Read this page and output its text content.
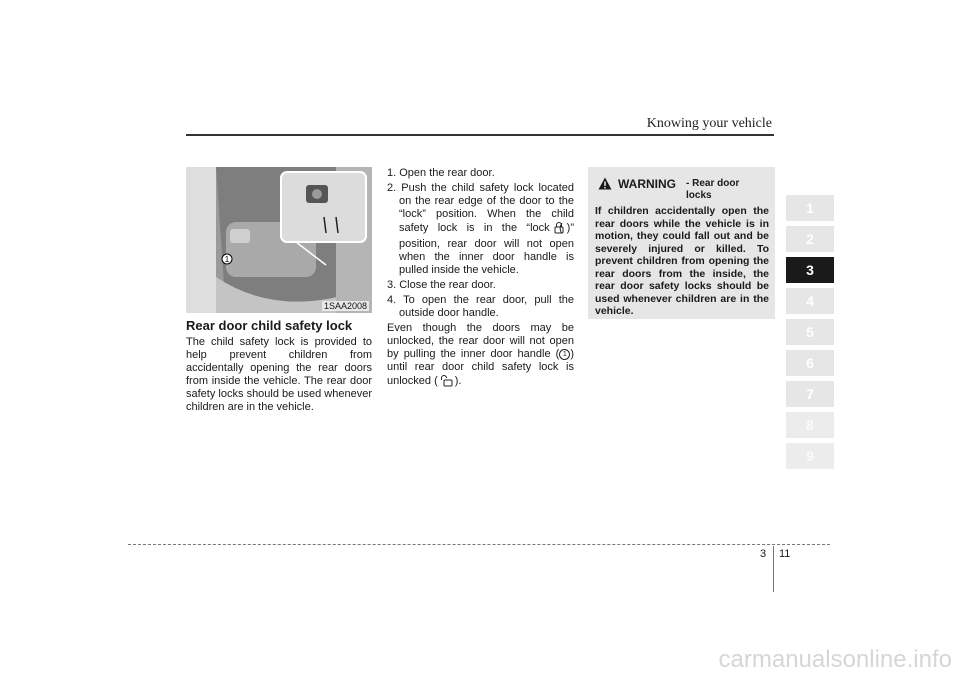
Knowing your vehicle
1
1SAA2008
Rear door child safety lock

The child safety lock is provided to help prevent children from accidentally opening the rear doors from inside the vehicle. The rear door safety locks should be used whenever children are in the vehicle.

1. Open the rear door.
2. Push the child safety lock located on the rear edge of the door to the “lock” position. When the child safety lock is in the “lock ( )” position, rear door will not open when the inner door handle is pulled inside the vehicle.
3. Close the rear door.
4. To open the rear door, pull the outside door handle.

Even though the doors may be unlocked, the rear door will not open by pulling the inner door handle ( 1 ) until rear door child safety lock is unlocked ( ).

WARNING - Rear door locks

If children accidentally open the rear doors while the vehicle is in motion, they could fall out and be severely injured or killed. To prevent children from opening the rear doors from the inside, the rear door safety locks should be used whenever children are in the vehicle.

1
2
3
4
5
6
7
8
9
3 11
carmanualsonline.info
